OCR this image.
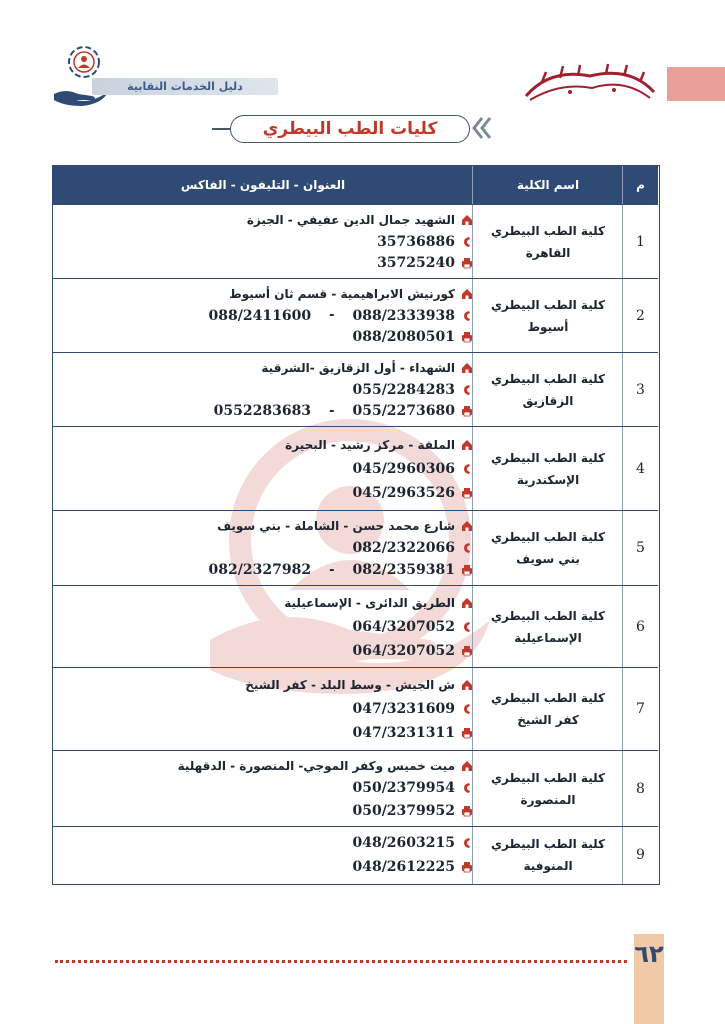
دليل الخدمات النقابية
كليات الطب البيطري
م
اسم الكلية
العنوان - التليفون - الفاكس
1
كلية الطب البيطري
القاهرة
الشهيد جمال الدين عفيفي - الجيزة
35736886
35725240
2
كلية الطب البيطري
أسيوط
كورنيش الابراهيمية - قسم ثان أسيوط
088/2333938
-
088/2411600
088/2080501
3
كلية الطب البيطري
الزقازيق
الشهداء - أول الزقازيق -الشرقية
055/2284283
055/2273680
-
0552283683
4
كلية الطب البيطري
الإسكندرية
الملقة - مركز رشيد - البحيرة
045/2960306
045/2963526
5
كلية الطب البيطري
بني سويف
شارع محمد حسن - الشاملة - بني سويف
082/2322066
082/2359381
-
082/2327982
6
كلية الطب البيطري
الإسماعيلية
الطريق الدائرى - الإسماعيلية
064/3207052
064/3207052
7
كلية الطب البيطري
كفر الشيخ
ش الجيش - وسط البلد - كفر الشيخ
047/3231609
047/3231311
8
كلية الطب البيطري
المنصورة
ميت خميس وكفر الموجي- المنصورة - الدقهلية
050/2379954
050/2379952
9
كلية الطب البيطري
المنوفية
048/2603215
048/2612225
٦٢
